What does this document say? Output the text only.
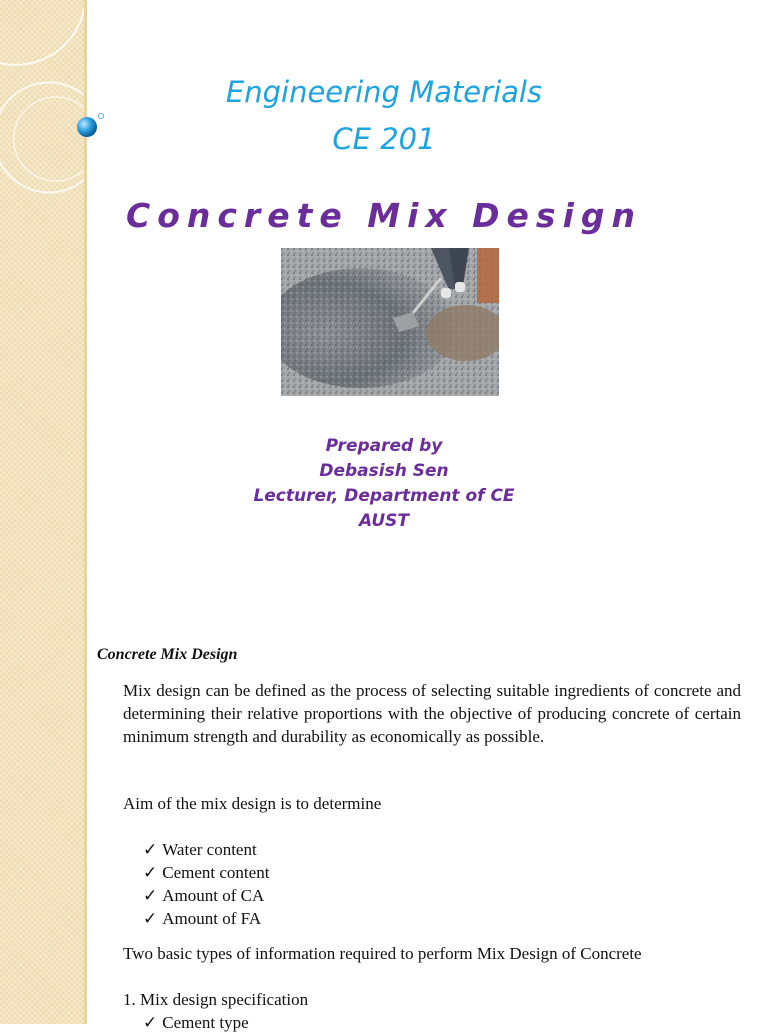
Engineering Materials
CE 201
Concrete Mix Design
Prepared by
Debasish Sen
Lecturer, Department of CE
AUST
Concrete Mix Design
Mix design can be defined as the process of selecting suitable ingredients of concrete and determining their relative proportions with the objective of producing concrete of certain minimum strength and durability as economically as possible.
Aim of the mix design is to determine
✓ Water content
✓ Cement content
✓ Amount of CA
✓ Amount of FA
Two basic types of information required to perform Mix Design of Concrete
1. Mix design specification
✓ Cement type
